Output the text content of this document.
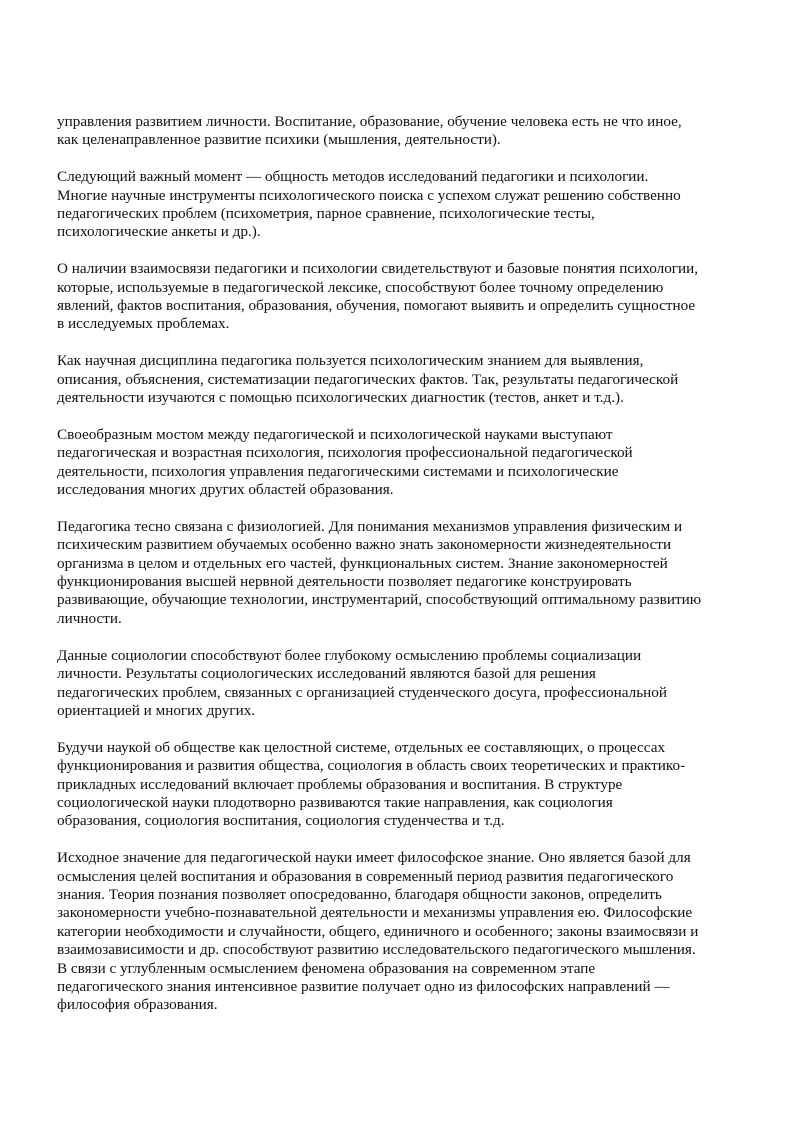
управления развитием личности. Воспитание, образование, обучение человека есть не что иное,
как целенаправленное развитие психики (мышления, деятельности).

Следующий важный момент — общность методов исследований педагогики и психологии.
Многие научные инструменты психологического поиска с успехом служат решению собственно
педагогических проблем (психометрия, парное сравнение, психологические тесты,
психологические анкеты и др.).

О наличии взаимосвязи педагогики и психологии свидетельствуют и базовые понятия психологии,
которые, используемые в педагогической лексике, способствуют более точному определению
явлений, фактов воспитания, образования, обучения, помогают выявить и определить сущностное
в исследуемых проблемах.

Как научная дисциплина педагогика пользуется психологическим знанием для выявления,
описания, объяснения, систематизации педагогических фактов. Так, результаты педагогической
деятельности изучаются с помощью психологических диагностик (тестов, анкет и т.д.).

Своеобразным мостом между педагогической и психологической науками выступают
педагогическая и возрастная психология, психология профессиональной педагогической
деятельности, психология управления педагогическими системами и психологические
исследования многих других областей образования.

Педагогика тесно связана с физиологией. Для понимания механизмов управления физическим и
психическим развитием обучаемых особенно важно знать закономерности жизнедеятельности
организма в целом и отдельных его частей, функциональных систем. Знание закономерностей
функционирования высшей нервной деятельности позволяет педагогике конструировать
развивающие, обучающие технологии, инструментарий, способствующий оптимальному развитию
личности.

Данные социологии способствуют более глубокому осмыслению проблемы социализации
личности. Результаты социологических исследований являются базой для решения
педагогических проблем, связанных с организацией студенческого досуга, профессиональной
ориентацией и многих других.

Будучи наукой об обществе как целостной системе, отдельных ее составляющих, о процессах
функционирования и развития общества, социология в область своих теоретических и практико-
прикладных исследований включает проблемы образования и воспитания. В структуре
социологической науки плодотворно развиваются такие направления, как социология
образования, социология воспитания, социология студенчества и т.д.

Исходное значение для педагогической науки имеет философское знание. Оно является базой для
осмысления целей воспитания и образования в современный период развития педагогического
знания. Теория познания позволяет опосредованно, благодаря общности законов, определить
закономерности учебно-познавательной деятельности и механизмы управления ею. Философские
категории необходимости и случайности, общего, единичного и особенного; законы взаимосвязи и
взаимозависимости и др. способствуют развитию исследовательского педагогического мышления.
В связи с углубленным осмыслением феномена образования на современном этапе
педагогического знания интенсивное развитие получает одно из философских направлений —
философия образования.
